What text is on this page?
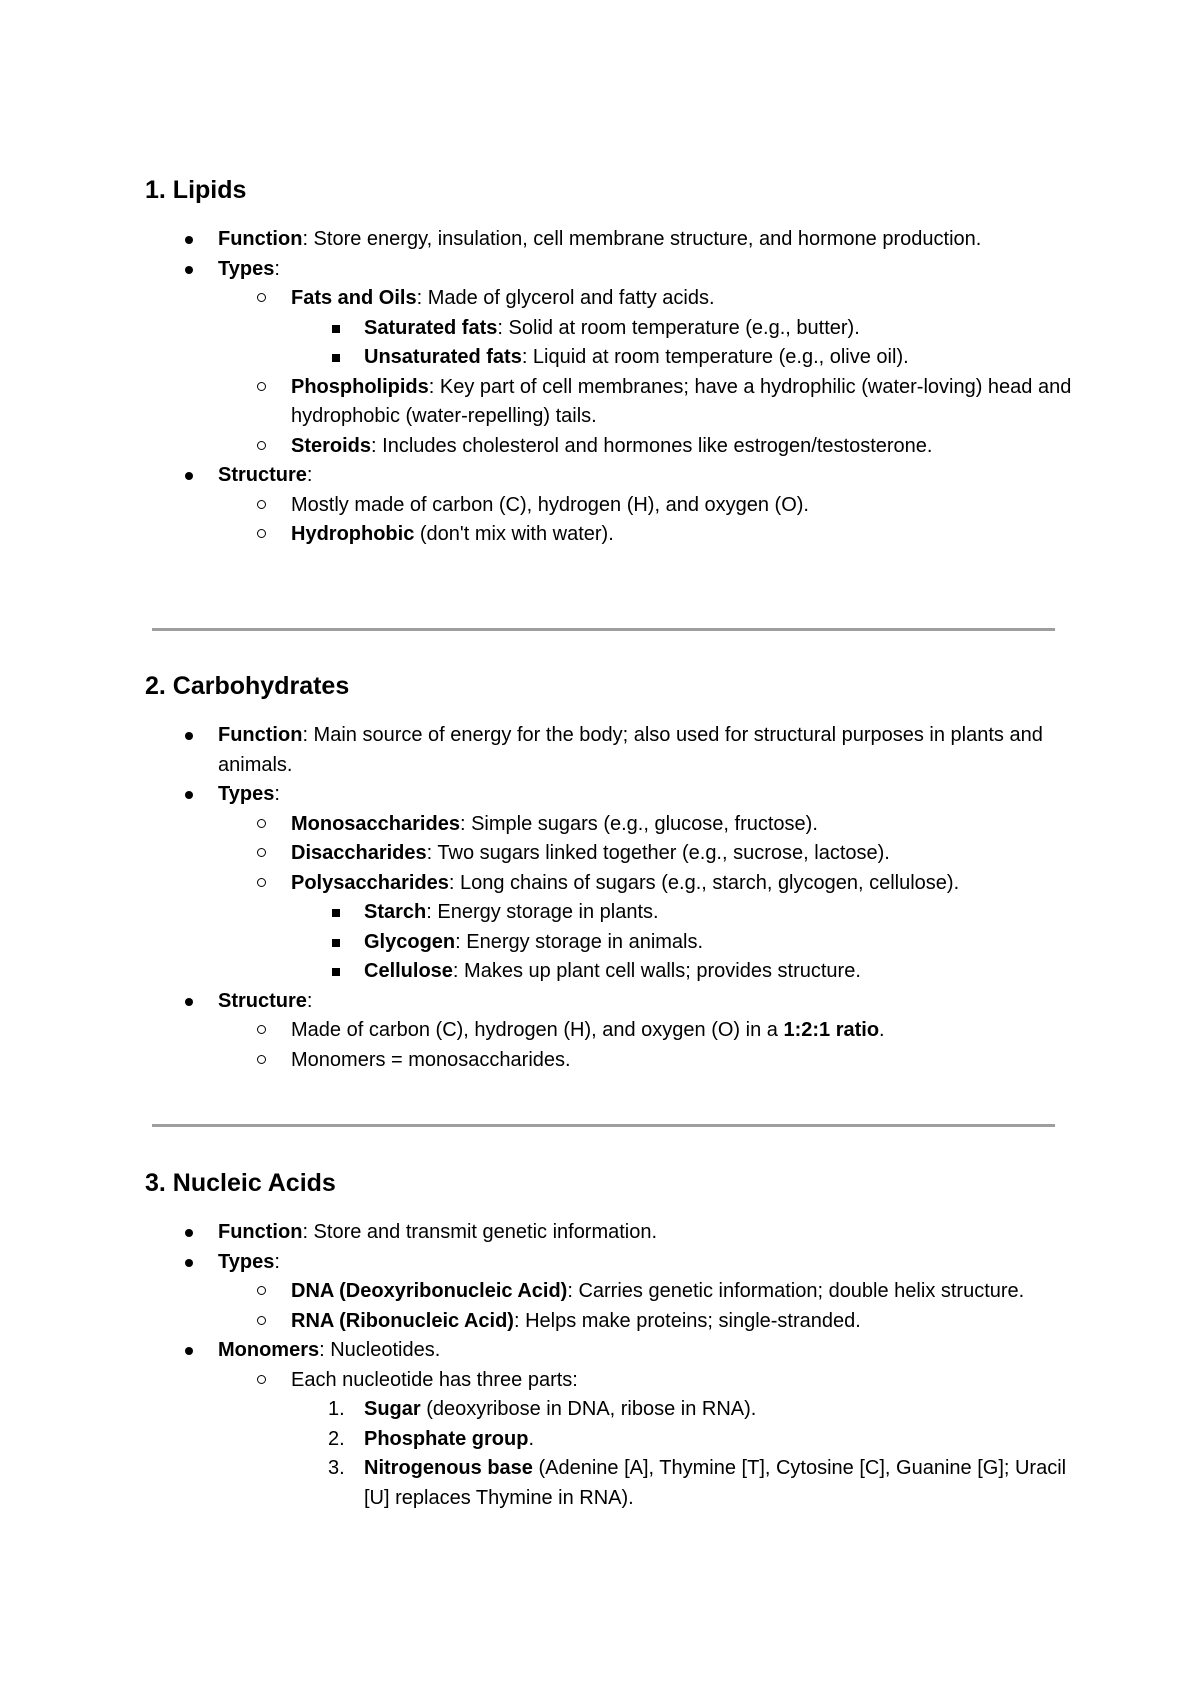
1. Lipids
Function: Store energy, insulation, cell membrane structure, and hormone production.
Types:
Fats and Oils: Made of glycerol and fatty acids.
Saturated fats: Solid at room temperature (e.g., butter).
Unsaturated fats: Liquid at room temperature (e.g., olive oil).
Phospholipids: Key part of cell membranes; have a hydrophilic (water-loving) head and hydrophobic (water-repelling) tails.
Steroids: Includes cholesterol and hormones like estrogen/testosterone.
Structure:
Mostly made of carbon (C), hydrogen (H), and oxygen (O).
Hydrophobic (don't mix with water).
2. Carbohydrates
Function: Main source of energy for the body; also used for structural purposes in plants and animals.
Types:
Monosaccharides: Simple sugars (e.g., glucose, fructose).
Disaccharides: Two sugars linked together (e.g., sucrose, lactose).
Polysaccharides: Long chains of sugars (e.g., starch, glycogen, cellulose).
Starch: Energy storage in plants.
Glycogen: Energy storage in animals.
Cellulose: Makes up plant cell walls; provides structure.
Structure:
Made of carbon (C), hydrogen (H), and oxygen (O) in a 1:2:1 ratio.
Monomers = monosaccharides.
3. Nucleic Acids
Function: Store and transmit genetic information.
Types:
DNA (Deoxyribonucleic Acid): Carries genetic information; double helix structure.
RNA (Ribonucleic Acid): Helps make proteins; single-stranded.
Monomers: Nucleotides.
Each nucleotide has three parts:
1. Sugar (deoxyribose in DNA, ribose in RNA).
2. Phosphate group.
3. Nitrogenous base (Adenine [A], Thymine [T], Cytosine [C], Guanine [G]; Uracil [U] replaces Thymine in RNA).
